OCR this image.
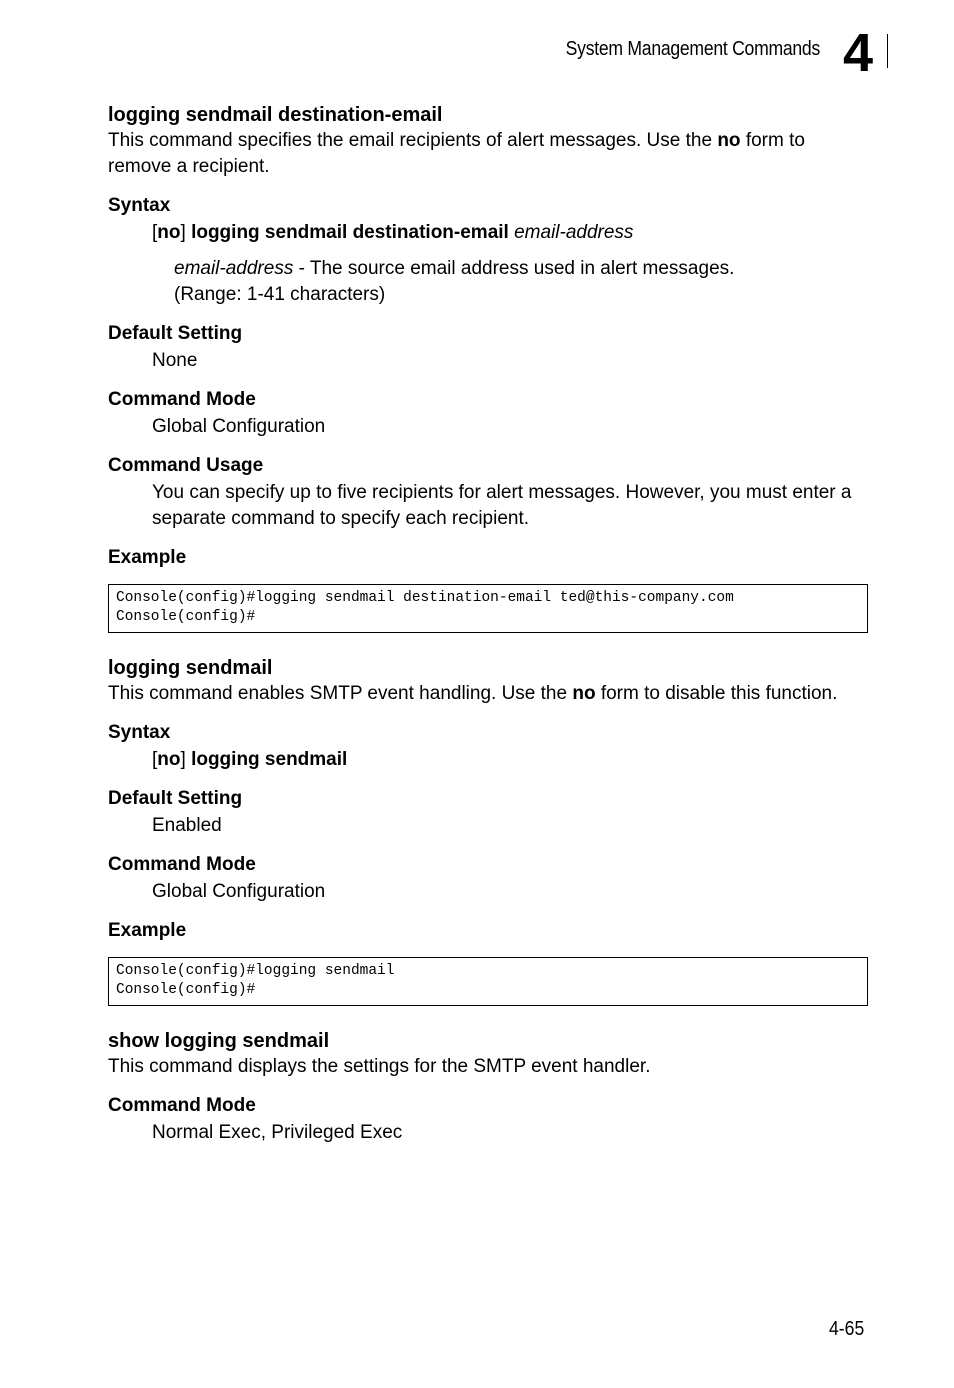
System Management Commands 4
logging sendmail destination-email

This command specifies the email recipients of alert messages. Use the no form to remove a recipient.

Syntax
[no] logging sendmail destination-email email-address
email-address - The source email address used in alert messages.
(Range: 1-41 characters)
Default Setting
None
Command Mode
Global Configuration
Command Usage
You can specify up to five recipients for alert messages. However, you must enter a separate command to specify each recipient.
Example
Console(config)#logging sendmail destination-email ted@this-company.com
Console(config)#
logging sendmail

This command enables SMTP event handling. Use the no form to disable this function.

Syntax
[no] logging sendmail
Default Setting
Enabled
Command Mode
Global Configuration
Example
Console(config)#logging sendmail
Console(config)#
show logging sendmail

This command displays the settings for the SMTP event handler.

Command Mode
Normal Exec, Privileged Exec
4-65
